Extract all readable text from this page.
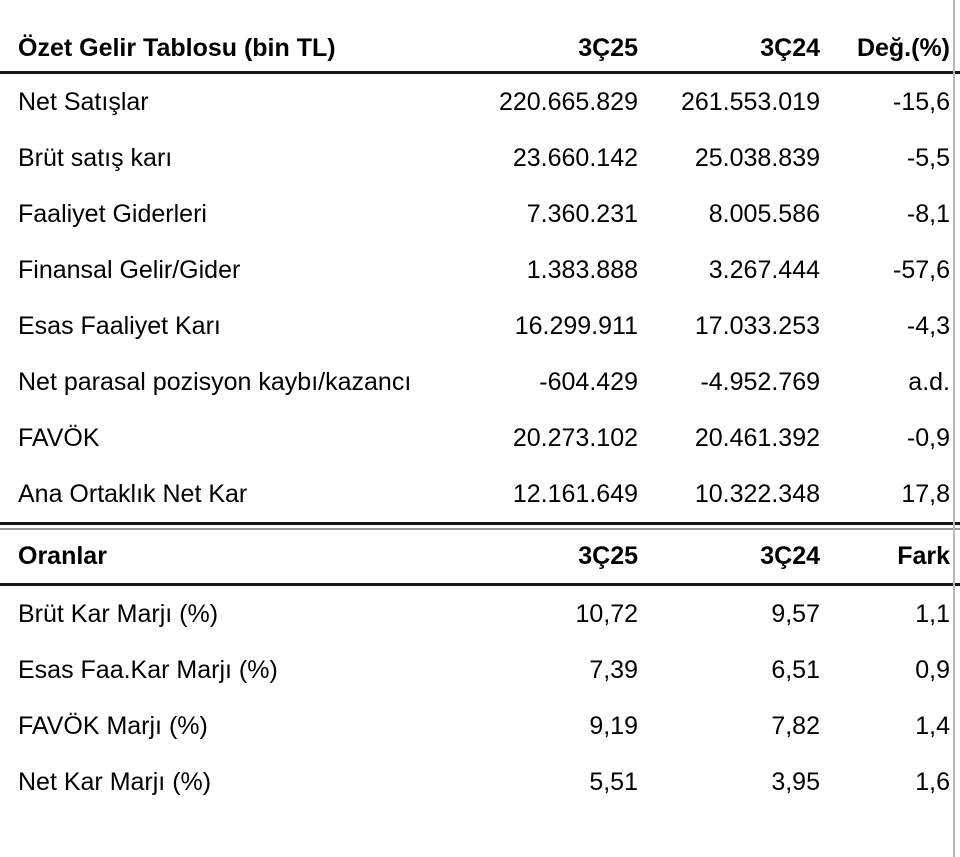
Özet Gelir Tablosu (bin TL)	3Ç25	3Ç24	Değ.(%)
Net Satışlar	220.665.829	261.553.019	-15,6
Brüt satış karı	23.660.142	25.038.839	-5,5
Faaliyet Giderleri	7.360.231	8.005.586	-8,1
Finansal Gelir/Gider	1.383.888	3.267.444	-57,6
Esas Faaliyet Karı	16.299.911	17.033.253	-4,3
Net parasal pozisyon kaybı/kazancı	-604.429	-4.952.769	a.d.
FAVÖK	20.273.102	20.461.392	-0,9
Ana Ortaklık Net Kar	12.161.649	10.322.348	17,8
Oranlar	3Ç25	3Ç24	Fark
Brüt Kar Marjı (%)	10,72	9,57	1,1
Esas Faa.Kar Marjı (%)	7,39	6,51	0,9
FAVÖK Marjı (%)	9,19	7,82	1,4
Net Kar Marjı (%)	5,51	3,95	1,6
